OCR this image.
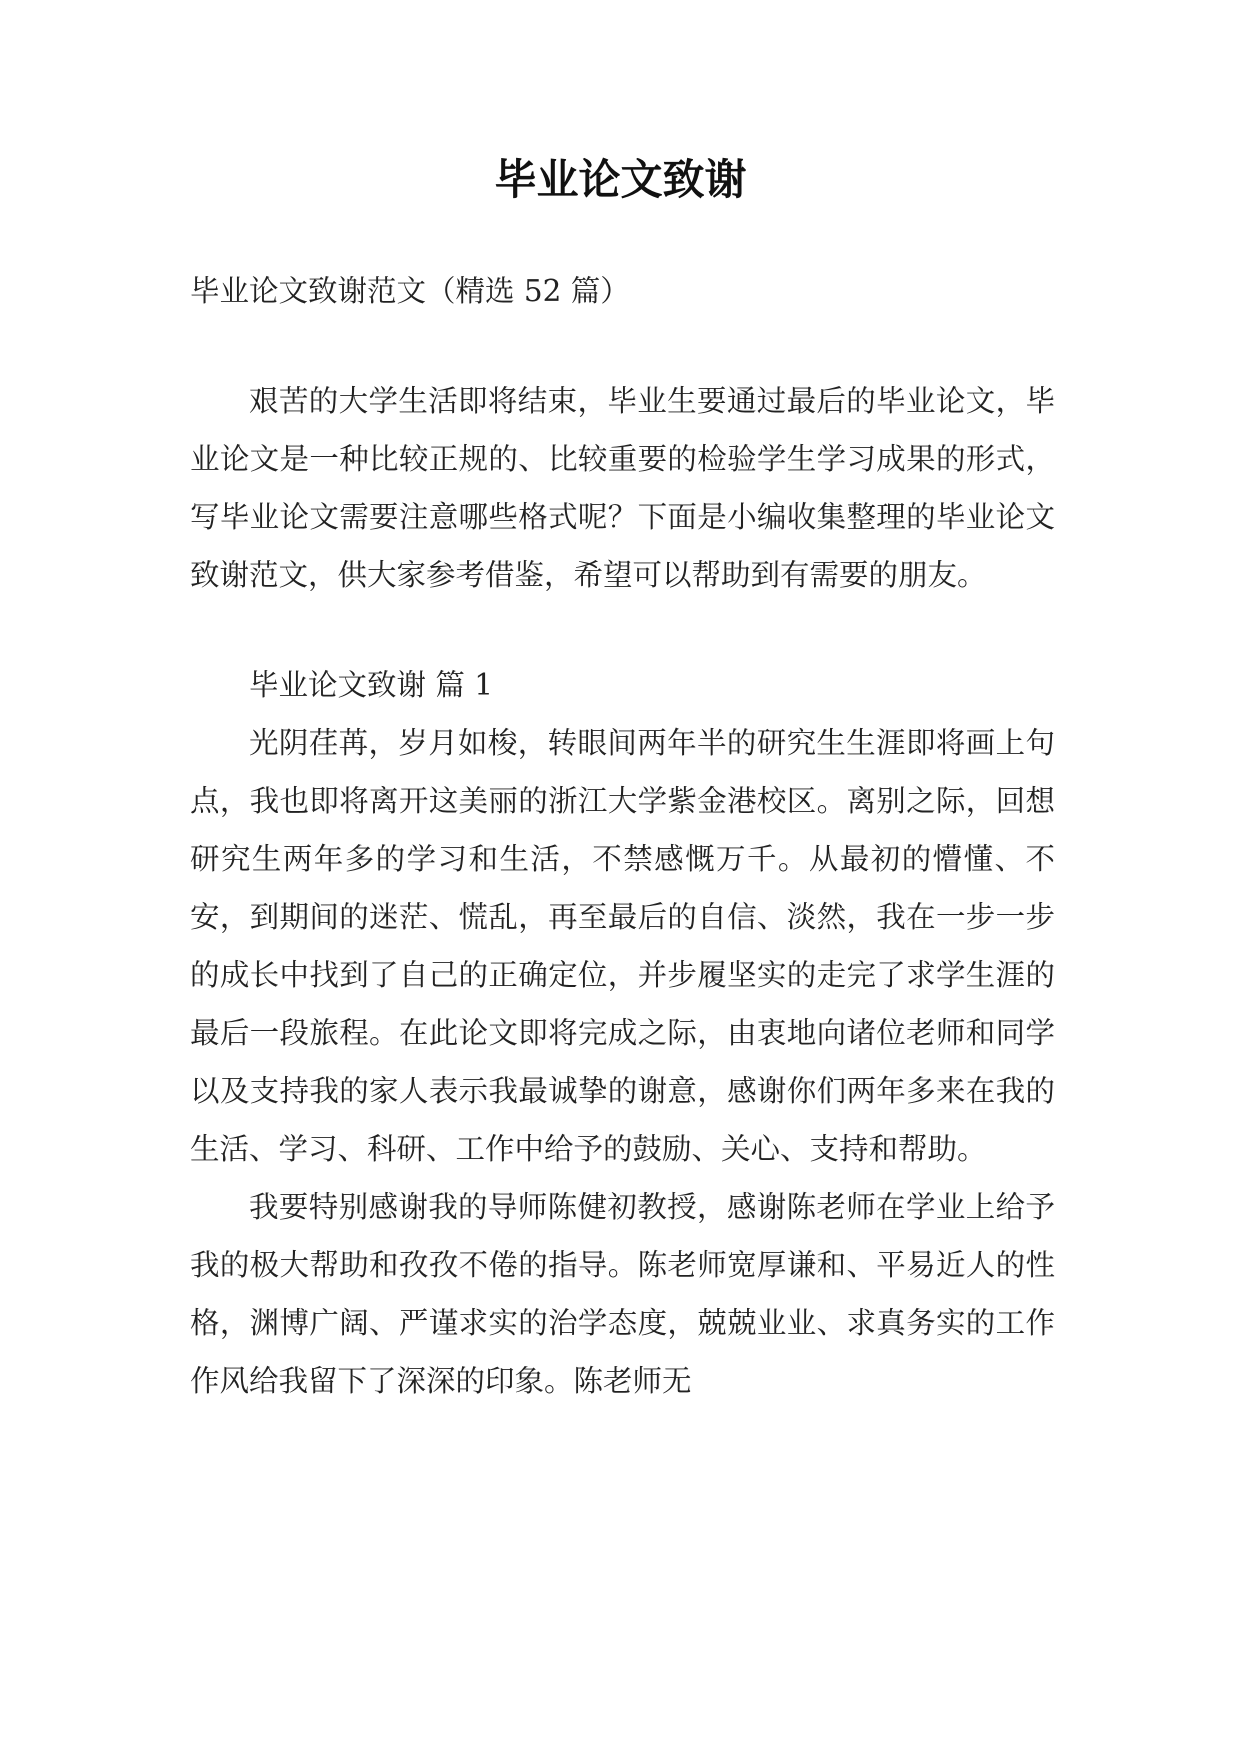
毕业论文致谢

毕业论文致谢范文（精选 52 篇）

艰苦的大学生活即将结束，毕业生要通过最后的毕业论文，毕业论文是一种比较正规的、比较重要的检验学生学习成果的形式，写毕业论文需要注意哪些格式呢？下面是小编收集整理的毕业论文致谢范文，供大家参考借鉴，希望可以帮助到有需要的朋友。

毕业论文致谢 篇 1

光阴荏苒，岁月如梭，转眼间两年半的研究生生涯即将画上句点，我也即将离开这美丽的浙江大学紫金港校区。离别之际，回想研究生两年多的学习和生活，不禁感慨万千。从最初的懵懂、不安，到期间的迷茫、慌乱，再至最后的自信、淡然，我在一步一步的成长中找到了自己的正确定位，并步履坚实的走完了求学生涯的最后一段旅程。在此论文即将完成之际，由衷地向诸位老师和同学以及支持我的家人表示我最诚挚的谢意，感谢你们两年多来在我的生活、学习、科研、工作中给予的鼓励、关心、支持和帮助。

我要特别感谢我的导师陈健初教授，感谢陈老师在学业上给予我的极大帮助和孜孜不倦的指导。陈老师宽厚谦和、平易近人的性格，渊博广阔、严谨求实的治学态度，兢兢业业、求真务实的工作作风给我留下了深深的印象。陈老师无
